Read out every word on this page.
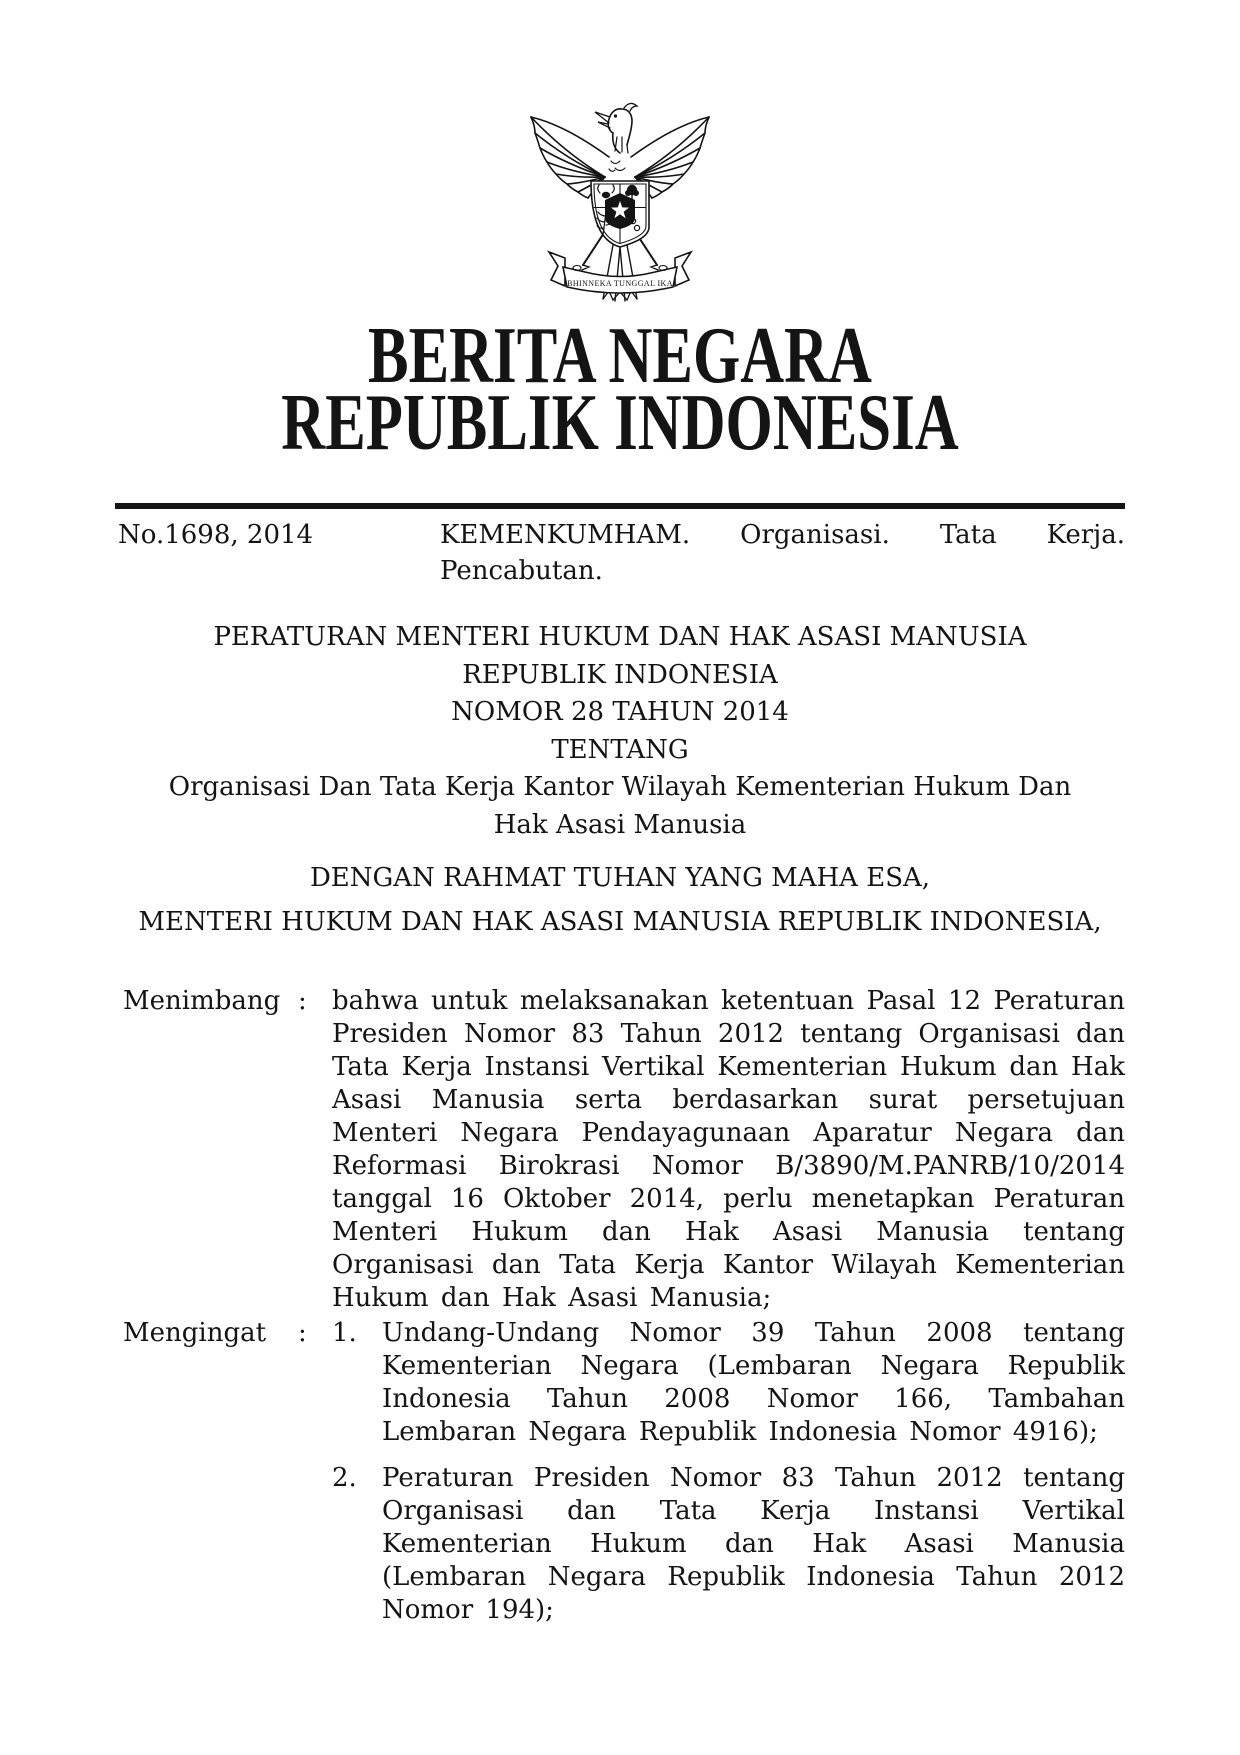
BHINNEKA TUNGGAL IKA
BERITA NEGARA
REPUBLIK INDONESIA
No.1698, 2014	KEMENKUMHAM. Organisasi. Tata Kerja.
Pencabutan.
PERATURAN MENTERI HUKUM DAN HAK ASASI MANUSIA
REPUBLIK INDONESIA
NOMOR 28 TAHUN 2014
TENTANG
Organisasi Dan Tata Kerja Kantor Wilayah Kementerian Hukum Dan Hak Asasi Manusia
DENGAN RAHMAT TUHAN YANG MAHA ESA,
MENTERI HUKUM DAN HAK ASASI MANUSIA REPUBLIK INDONESIA,
Menimbang : bahwa untuk melaksanakan ketentuan Pasal 12 Peraturan Presiden Nomor 83 Tahun 2012 tentang Organisasi dan Tata Kerja Instansi Vertikal Kementerian Hukum dan Hak Asasi Manusia serta berdasarkan surat persetujuan Menteri Negara Pendayagunaan Aparatur Negara dan Reformasi Birokrasi Nomor B/3890/M.PANRB/10/2014 tanggal 16 Oktober 2014, perlu menetapkan Peraturan Menteri Hukum dan Hak Asasi Manusia tentang Organisasi dan Tata Kerja Kantor Wilayah Kementerian Hukum dan Hak Asasi Manusia;
Mengingat	: 1. Undang-Undang Nomor 39 Tahun 2008 tentang Kementerian Negara (Lembaran Negara Republik Indonesia Tahun 2008 Nomor 166, Tambahan Lembaran Negara Republik Indonesia Nomor 4916);
2. Peraturan Presiden Nomor 83 Tahun 2012 tentang Organisasi dan Tata Kerja Instansi Vertikal Kementerian Hukum dan Hak Asasi Manusia (Lembaran Negara Republik Indonesia Tahun 2012 Nomor 194);
